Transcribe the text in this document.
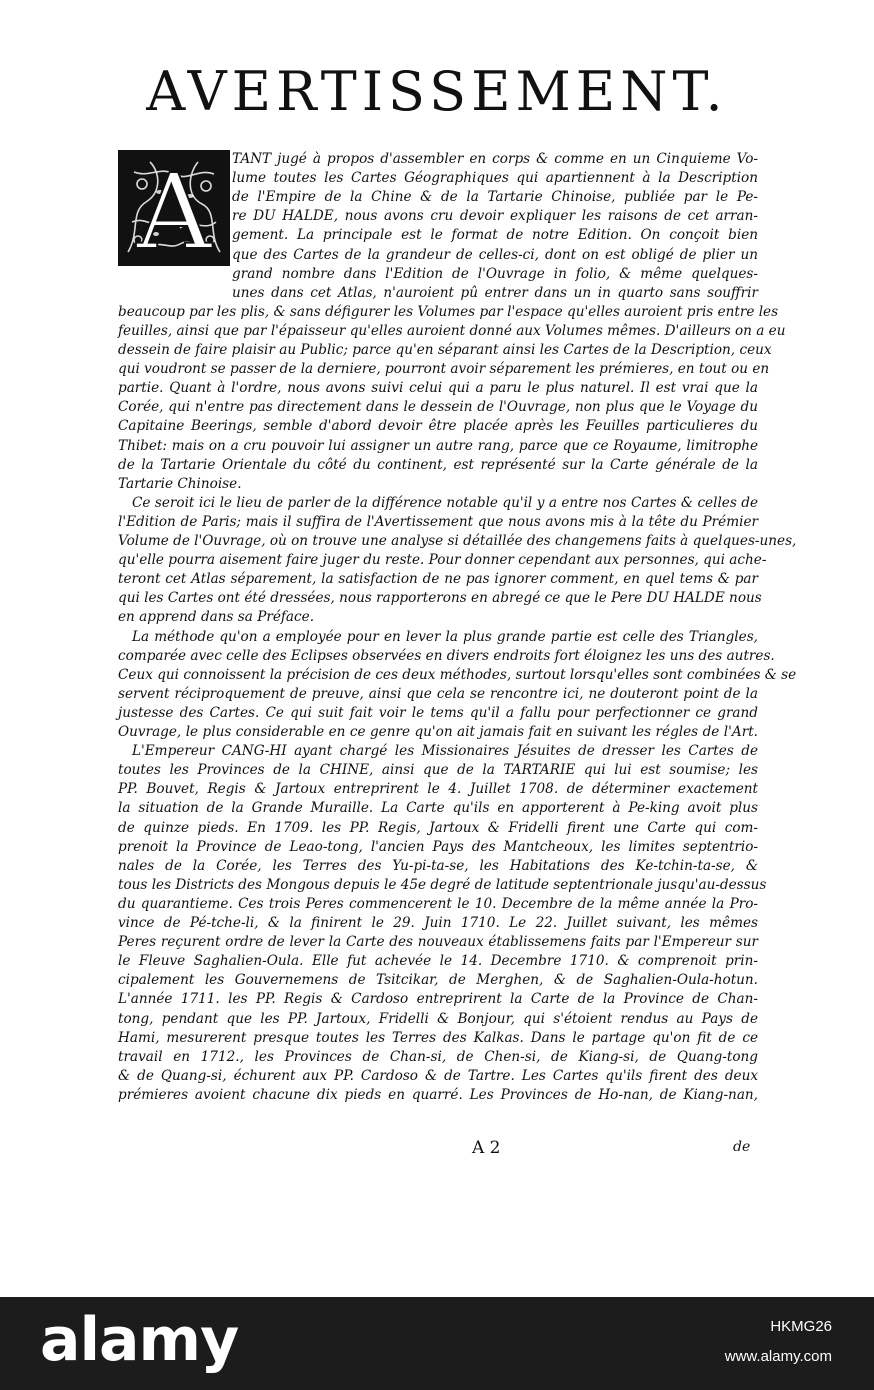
AVERTISSEMENT.
A TANT jugé à propos d'assembler en corps & comme en un Cinquieme Vo-
lume toutes les Cartes Géographiques qui apartiennent à la Description
de l'Empire de la Chine & de la Tartarie Chinoise, publiée par le Pe-
re DU HALDE, nous avons cru devoir expliquer les raisons de cet arran-
gement. La principale est le format de notre Edition. On conçoit bien
que des Cartes de la grandeur de celles-ci, dont on est obligé de plier un
grand nombre dans l'Edition de l'Ouvrage in folio, & même quelques-
unes dans cet Atlas, n'auroient pû entrer dans un in quarto sans souffrir
beaucoup par les plis, & sans défigurer les Volumes par l'espace qu'elles auroient pris entre les
feuilles, ainsi que par l'épaisseur qu'elles auroient donné aux Volumes mêmes. D'ailleurs on a eu
dessein de faire plaisir au Public; parce qu'en séparant ainsi les Cartes de la Description, ceux
qui voudront se passer de la derniere, pourront avoir séparement les prémieres, en tout ou en
partie. Quant à l'ordre, nous avons suivi celui qui a paru le plus naturel. Il est vrai que la
Corée, qui n'entre pas directement dans le dessein de l'Ouvrage, non plus que le Voyage du
Capitaine Beerings, semble d'abord devoir être placée après les Feuilles particulieres du
Thibet: mais on a cru pouvoir lui assigner un autre rang, parce que ce Royaume, limitrophe
de la Tartarie Orientale du côté du continent, est représenté sur la Carte générale de la
Tartarie Chinoise.
Ce seroit ici le lieu de parler de la différence notable qu'il y a entre nos Cartes & celles de
l'Edition de Paris; mais il suffira de l'Avertissement que nous avons mis à la tête du Prémier
Volume de l'Ouvrage, où on trouve une analyse si détaillée des changemens faits à quelques-unes,
qu'elle pourra aisement faire juger du reste. Pour donner cependant aux personnes, qui ache-
teront cet Atlas séparement, la satisfaction de ne pas ignorer comment, en quel tems & par
qui les Cartes ont été dressées, nous rapporterons en abregé ce que le Pere DU HALDE nous
en apprend dans sa Préface.
La méthode qu'on a employée pour en lever la plus grande partie est celle des Triangles,
comparée avec celle des Eclipses observées en divers endroits fort éloignez les uns des autres.
Ceux qui connoissent la précision de ces deux méthodes, surtout lorsqu'elles sont combinées & se
servent réciproquement de preuve, ainsi que cela se rencontre ici, ne douteront point de la
justesse des Cartes. Ce qui suit fait voir le tems qu'il a fallu pour perfectionner ce grand
Ouvrage, le plus considerable en ce genre qu'on ait jamais fait en suivant les régles de l'Art.
L'Empereur CANG-HI ayant chargé les Missionaires Jésuites de dresser les Cartes de
toutes les Provinces de la CHINE, ainsi que de la TARTARIE qui lui est soumise; les
PP. Bouvet, Regis & Jartoux entreprirent le 4. Juillet 1708. de déterminer exactement
la situation de la Grande Muraille. La Carte qu'ils en apporterent à Pe-king avoit plus
de quinze pieds. En 1709. les PP. Regis, Jartoux & Fridelli firent une Carte qui com-
prenoit la Province de Leao-tong, l'ancien Pays des Mantcheoux, les limites septentrio-
nales de la Corée, les Terres des Yu-pi-ta-se, les Habitations des Ke-tchin-ta-se, &
tous les Districts des Mongous depuis le 45e degré de latitude septentrionale jusqu'au-dessus
du quarantieme. Ces trois Peres commencerent le 10. Decembre de la même année la Pro-
vince de Pé-tche-li, & la finirent le 29. Juin 1710. Le 22. Juillet suivant, les mêmes
Peres reçurent ordre de lever la Carte des nouveaux établissemens faits par l'Empereur sur
le Fleuve Saghalien-Oula. Elle fut achevée le 14. Decembre 1710. & comprenoit prin-
cipalement les Gouvernemens de Tsitcikar, de Merghen, & de Saghalien-Oula-hotun.
L'année 1711. les PP. Regis & Cardoso entreprirent la Carte de la Province de Chan-
tong, pendant que les PP. Jartoux, Fridelli & Bonjour, qui s'étoient rendus au Pays de
Hami, mesurerent presque toutes les Terres des Kalkas. Dans le partage qu'on fit de ce
travail en 1712., les Provinces de Chan-si, de Chen-si, de Kiang-si, de Quang-tong
& de Quang-si, échurent aux PP. Cardoso & de Tartre. Les Cartes qu'ils firent des deux
prémieres avoient chacune dix pieds en quarré. Les Provinces de Ho-nan, de Kiang-nan,
A 2	de
alamy	HKMG26
www.alamy.com
